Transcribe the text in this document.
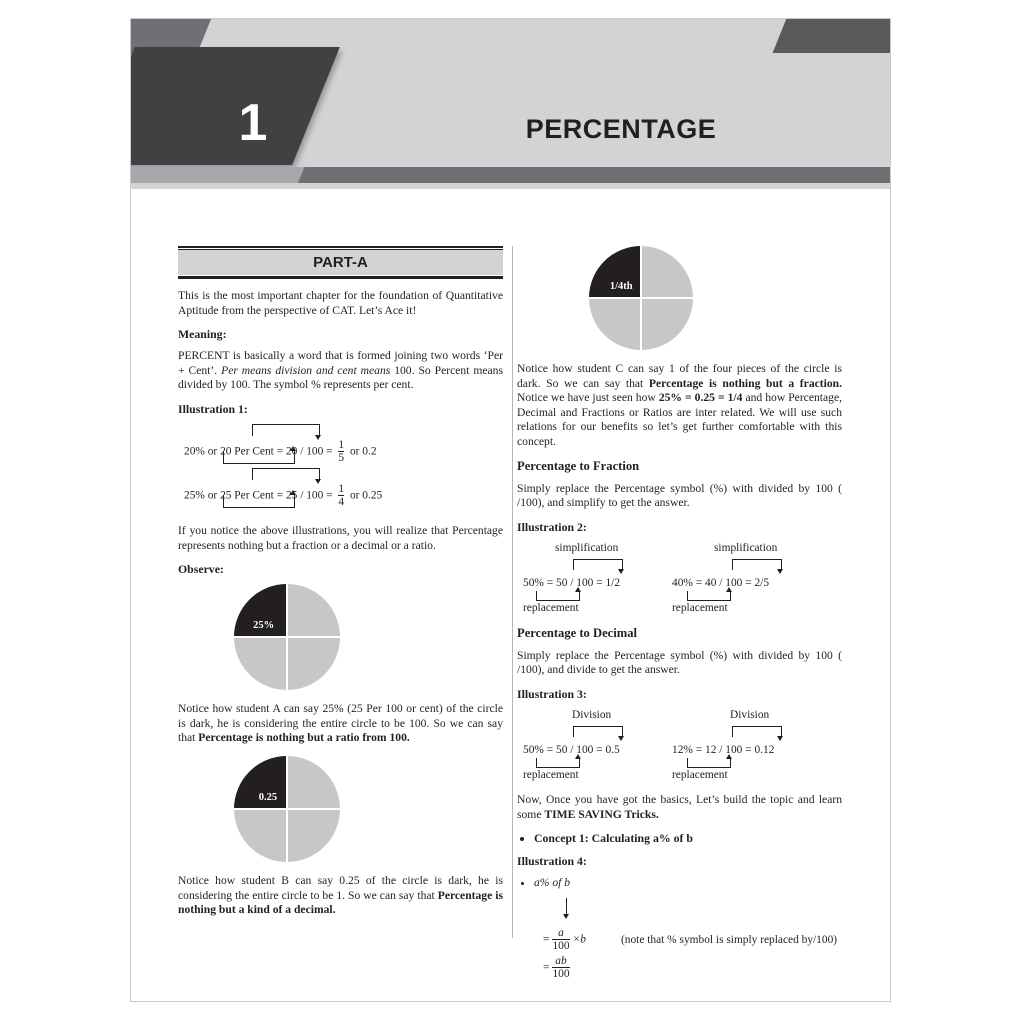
1	PERCENTAGE
PART-A

This is the most important chapter for the foundation of Quantitative Aptitude from the perspective of CAT. Let’s Ace it!

Meaning:

PERCENT is basically a word that is formed joining two words ‘Per + Cent’. Per means division and cent means 100. So Percent means divided by 100. The symbol % represents per cent.

Illustration 1:
20% or 20 Per Cent = $20 / 100 = \frac{1}{5}$ or 0.2
25% or 25 Per Cent = $25 / 100 = \frac{1}{4}$ or 0.25

If you notice the above illustrations, you will realize that Percentage represents nothing but a fraction or a decimal or a ratio.

Observe:
25%

Notice how student A can say 25% (25 Per 100 or cent) of the circle is dark, he is considering the entire circle to be 100. So we can say that Percentage is nothing but a ratio from 100.

0.25

Notice how student B can say 0.25 of the circle is dark, he is considering the entire circle to be 1. So we can say that Percentage is nothing but a kind of a decimal.

1/4th

Notice how student C can say 1 of the four pieces of the circle is dark. So we can say that Percentage is nothing but a fraction. Notice we have just seen how 25% = 0.25 = 1/4 and how Percentage, Decimal and Fractions or Ratios are inter related. We will use such relations for our benefits so let’s get further comfortable with this concept.

Percentage to Fraction

Simply replace the Percentage symbol (%) with divided by 100 ( /100), and simplify to get the answer.

Illustration 2:
simplification	simplification
50% = 50 / 100 = 1/2	40% = 40 / 100 = 2/5
replacement	replacement
Percentage to Decimal

Simply replace the Percentage symbol (%) with divided by 100 ( /100), and divide to get the answer.

Illustration 3:
Division	Division
50% = 50 / 100 = 0.5	12% = 12 / 100 = 0.12
replacement	replacement

Now, Once you have got the basics, Let’s build the topic and learn some TIME SAVING Tricks.

• Concept 1: Calculating a% of b
Illustration 4:
• a% of b
= $\frac{a}{100} \times b$	(note that % symbol is simply replaced by/100)
= $\frac{ab}{100}$
